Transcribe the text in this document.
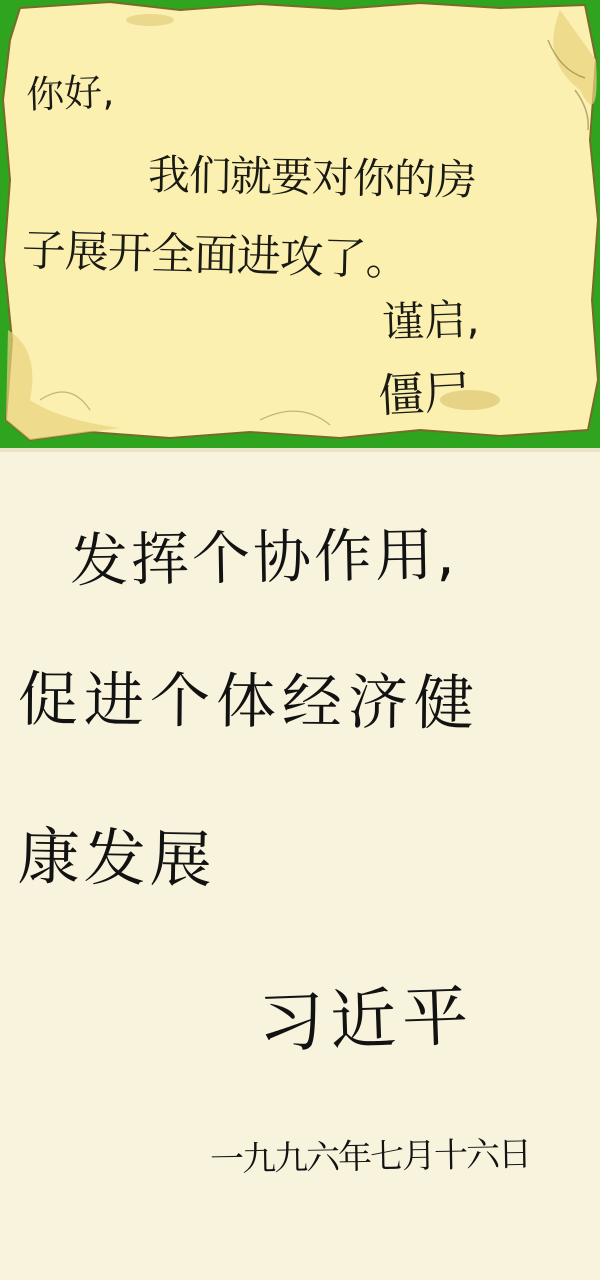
你好,
我们就要对你的房
子展开全面进攻了。
谨启,
僵尸
发挥个协作用,
促进个体经济健
康发展
习近平
一九九六年七月十六日
